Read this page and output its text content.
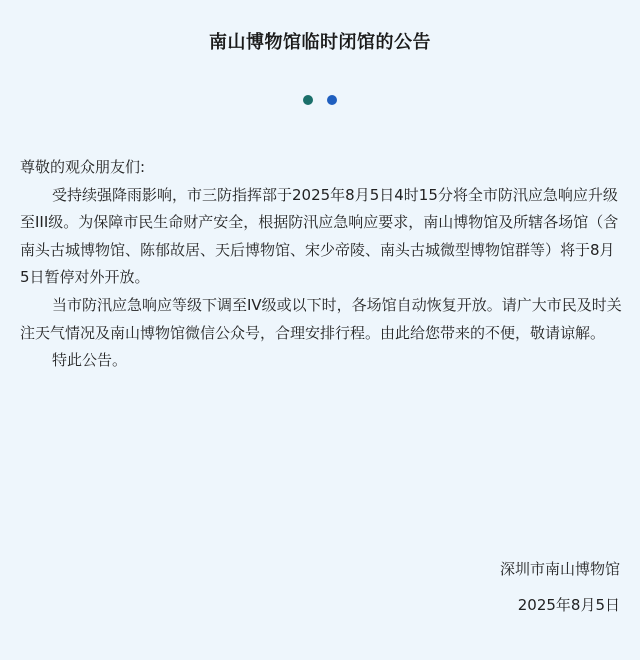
南山博物馆临时闭馆的公告

尊敬的观众朋友们:

受持续强降雨影响，市三防指挥部于2025年8月5日4时15分将全市防汛应急响应升级至III级。为保障市民生命财产安全，根据防汛应急响应要求，南山博物馆及所辖各场馆（含南头古城博物馆、陈郁故居、天后博物馆、宋少帝陵、南头古城微型博物馆群等）将于8月5日暂停对外开放。

当市防汛应急响应等级下调至IV级或以下时，各场馆自动恢复开放。请广大市民及时关注天气情况及南山博物馆微信公众号，合理安排行程。由此给您带来的不便，敬请谅解。

特此公告。

深圳市南山博物馆
2025年8月5日
